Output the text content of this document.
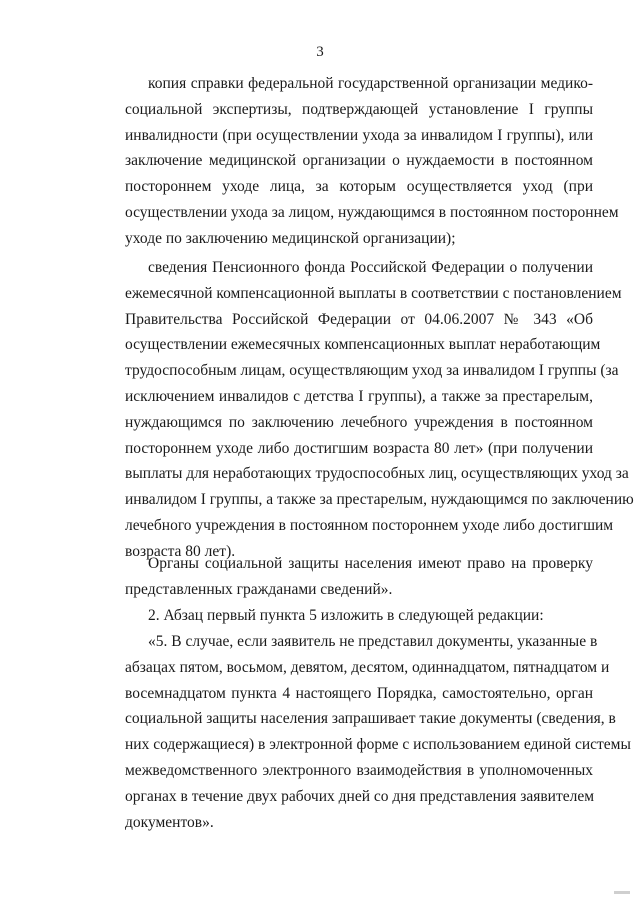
3
копия справки федеральной государственной организации медико-
социальной экспертизы, подтверждающей установление I группы
инвалидности (при осуществлении ухода за инвалидом I группы), или
заключение медицинской организации о нуждаемости в постоянном
постороннем уходе лица, за которым осуществляется уход (при
осуществлении ухода за лицом, нуждающимся в постоянном постороннем
уходе по заключению медицинской организации);
сведения Пенсионного фонда Российской Федерации о получении
ежемесячной компенсационной выплаты в соответствии с постановлением
Правительства Российской Федерации от 04.06.2007 № 343 «Об
осуществлении ежемесячных компенсационных выплат неработающим
трудоспособным лицам, осуществляющим уход за инвалидом I группы (за
исключением инвалидов с детства I группы), а также за престарелым,
нуждающимся по заключению лечебного учреждения в постоянном
постороннем уходе либо достигшим возраста 80 лет» (при получении
выплаты для неработающих трудоспособных лиц, осуществляющих уход за
инвалидом I группы, а также за престарелым, нуждающимся по заключению
лечебного учреждения в постоянном постороннем уходе либо достигшим
возраста 80 лет).
Органы социальной защиты населения имеют право на проверку
представленных гражданами сведений».
2. Абзац первый пункта 5 изложить в следующей редакции:
«5. В случае, если заявитель не представил документы, указанные в
абзацах пятом, восьмом, девятом, десятом, одиннадцатом, пятнадцатом и
восемнадцатом пункта 4 настоящего Порядка, самостоятельно, орган
социальной защиты населения запрашивает такие документы (сведения, в
них содержащиеся) в электронной форме с использованием единой системы
межведомственного электронного взаимодействия в уполномоченных
органах в течение двух рабочих дней со дня представления заявителем
документов».
